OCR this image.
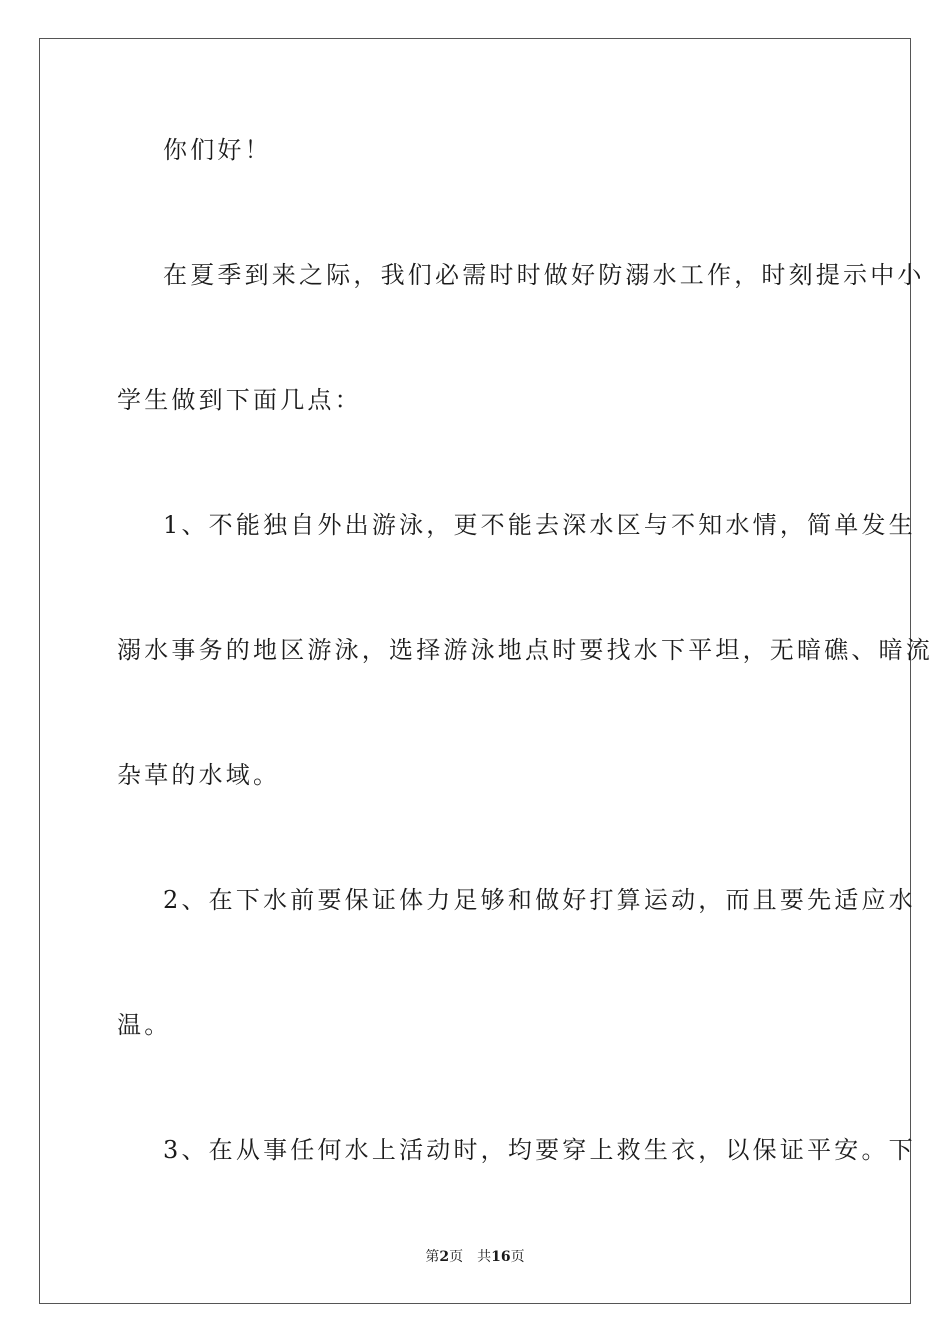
你们好！
在夏季到来之际，我们必需时时做好防溺水工作，时刻提示中小
学生做到下面几点：
1、不能独自外出游泳，更不能去深水区与不知水情，简单发生
溺水事务的地区游泳，选择游泳地点时要找水下平坦，无暗礁、暗流
杂草的水域。
2、在下水前要保证体力足够和做好打算运动，而且要先适应水
温。
3、在从事任何水上活动时，均要穿上救生衣，以保证平安。下
第2页 共16页
